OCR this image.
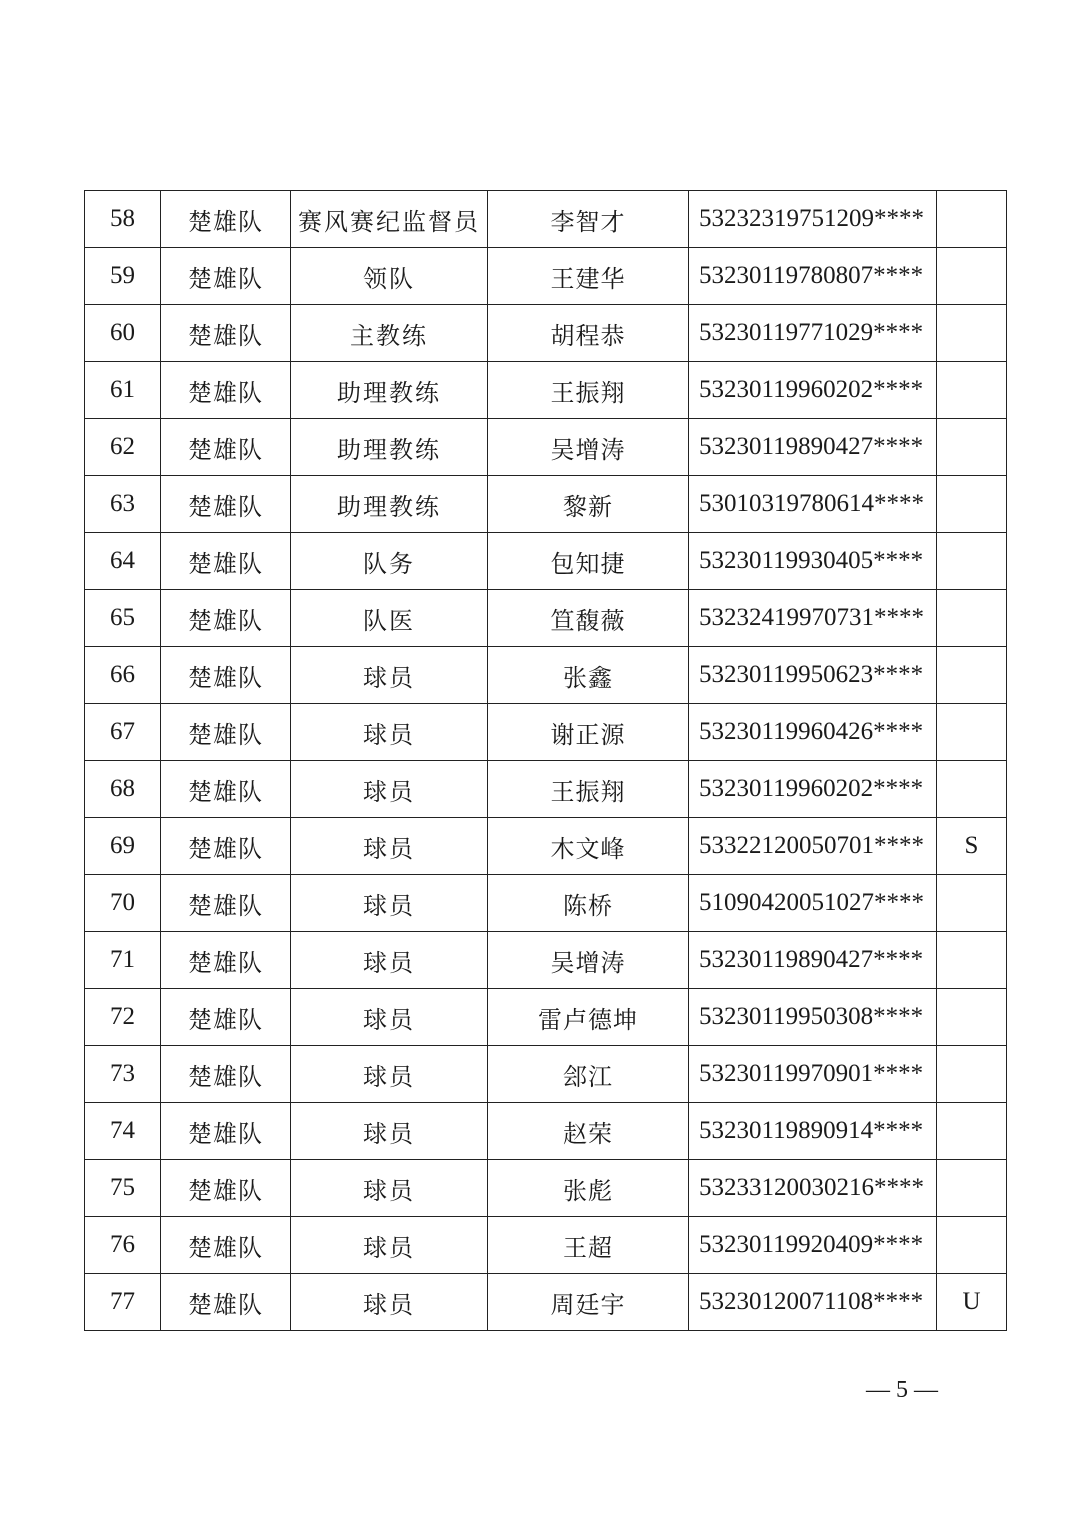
58	楚雄队	赛风赛纪监督员	李智才	53232319751209****	
59	楚雄队	领队	王建华	53230119780807****	
60	楚雄队	主教练	胡程恭	53230119771029****	
61	楚雄队	助理教练	王振翔	53230119960202****	
62	楚雄队	助理教练	吴增涛	53230119890427****	
63	楚雄队	助理教练	黎新	53010319780614****	
64	楚雄队	队务	包知捷	53230119930405****	
65	楚雄队	队医	笪馥薇	53232419970731****	
66	楚雄队	球员	张鑫	53230119950623****	
67	楚雄队	球员	谢正源	53230119960426****	
68	楚雄队	球员	王振翔	53230119960202****	
69	楚雄队	球员	木文峰	53322120050701****	S
70	楚雄队	球员	陈桥	51090420051027****	
71	楚雄队	球员	吴增涛	53230119890427****	
72	楚雄队	球员	雷卢德坤	53230119950308****	
73	楚雄队	球员	郐江	53230119970901****	
74	楚雄队	球员	赵荣	53230119890914****	
75	楚雄队	球员	张彪	53233120030216****	
76	楚雄队	球员	王超	53230119920409****	
77	楚雄队	球员	周廷宇	53230120071108****	U
— 5 —
